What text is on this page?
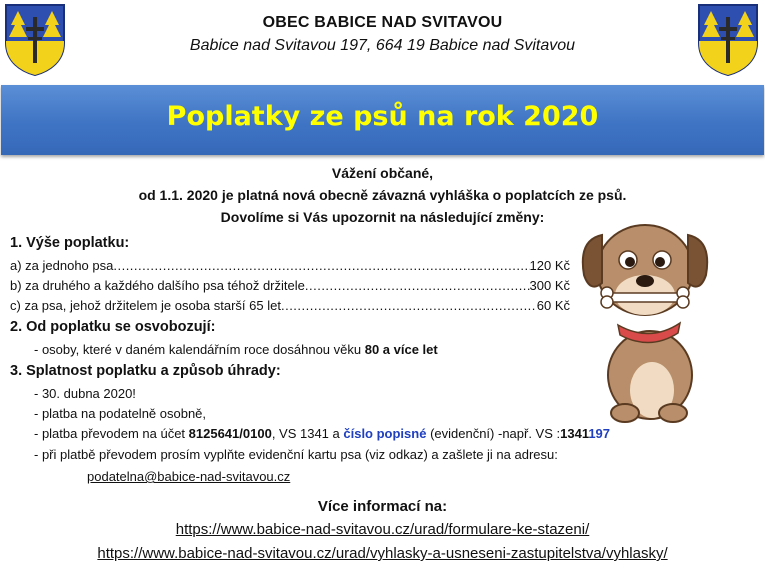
OBEC BABICE NAD SVITAVOU
Babice nad Svitavou 197, 664 19 Babice nad Svitavou
Poplatky ze psů na rok 2020
Vážení občané,
od 1.1. 2020 je platná nová obecně závazná vyhláška o poplatcích ze psů.
Dovolíme si Vás upozornit na následující změny:
1. Výše poplatku:
a) za jednoho psa .....	120 Kč
b) za druhého a každého dalšího psa téhož držitele .....	300 Kč
c) za psa, jehož držitelem je osoba starší 65 let .....	60 Kč
2. Od poplatku se osvobozují:
- osoby, které v daném kalendářním roce dosáhnou věku 80 a více let
3. Splatnost poplatku a způsob úhrady:
- 30. dubna 2020!
- platba na podatelně osobně,
- platba převodem na účet 8125641/0100, VS 1341 a číslo popisné (evidenční) -např. VS :1341197
- při platbě převodem prosím vyplňte evidenční kartu psa (viz odkaz) a zašlete ji na adresu:
podatelna@babice-nad-svitavou.cz
Více informací na:
https://www.babice-nad-svitavou.cz/urad/formulare-ke-stazeni/
https://www.babice-nad-svitavou.cz/urad/vyhlasky-a-usneseni-zastupitelstva/vyhlasky/
